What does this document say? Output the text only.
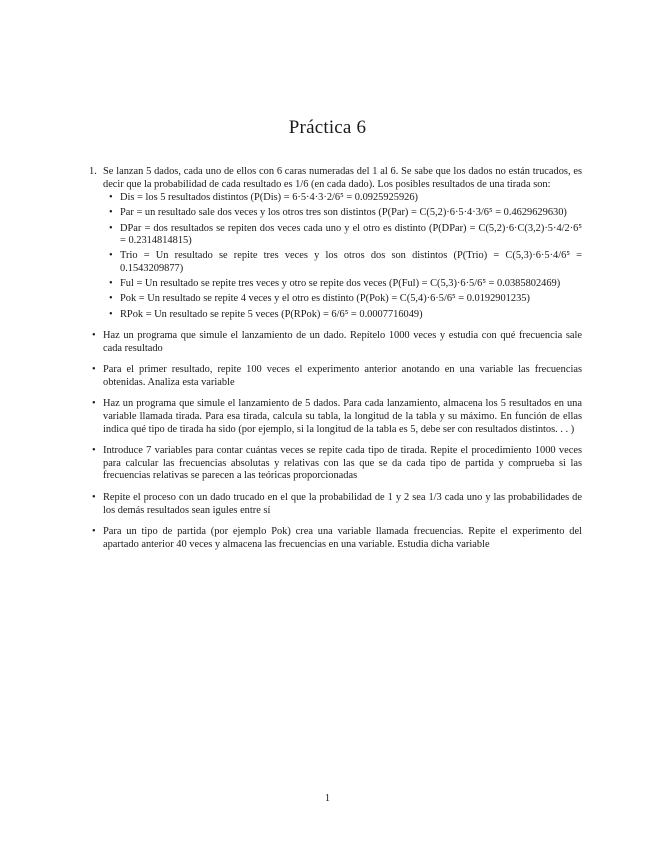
Práctica 6
1. Se lanzan 5 dados, cada uno de ellos con 6 caras numeradas del 1 al 6. Se sabe que los dados no están trucados, es decir que la probabilidad de cada resultado es 1/6 (en cada dado). Los posibles resultados de una tirada son:
• Dis = los 5 resultados distintos (P(Dis) = 6·5·4·3·2/6⁵ = 0.0925925926)
• Par = un resultado sale dos veces y los otros tres son distintos (P(Par) = C(5,2)·6·5·4·3/6⁵ = 0.4629629630)
• DPar = dos resultados se repiten dos veces cada uno y el otro es distinto (P(DPar) = C(5,2)·6·C(3,2)·5·4/2·6⁵ = 0.2314814815)
• Trio = Un resultado se repite tres veces y los otros dos son distintos (P(Trio) = C(5,3)·6·5·4/6⁵ = 0.1543209877)
• Ful = Un resultado se repite tres veces y otro se repite dos veces (P(Ful) = C(5,3)·6·5/6⁵ = 0.0385802469)
• Pok = Un resultado se repite 4 veces y el otro es distinto (P(Pok) = C(5,4)·6·5/6⁵ = 0.0192901235)
• RPok = Un resultado se repite 5 veces (P(RPok) = 6/6⁵ = 0.0007716049)
• Haz un programa que simule el lanzamiento de un dado. Repítelo 1000 veces y estudia con qué frecuencia sale cada resultado
• Para el primer resultado, repite 100 veces el experimento anterior anotando en una variable las frecuencias obtenidas. Analiza esta variable
• Haz un programa que simule el lanzamiento de 5 dados. Para cada lanzamiento, almacena los 5 resultados en una variable llamada tirada. Para esa tirada, calcula su tabla, la longitud de la tabla y su máximo. En función de ellas indica qué tipo de tirada ha sido (por ejemplo, si la longitud de la tabla es 5, debe ser con resultados distintos. . . )
• Introduce 7 variables para contar cuántas veces se repite cada tipo de tirada. Repite el procedimiento 1000 veces para calcular las frecuencias absolutas y relativas con las que se da cada tipo de partida y comprueba si las frecuencias relativas se parecen a las teóricas proporcionadas
• Repite el proceso con un dado trucado en el que la probabilidad de 1 y 2 sea 1/3 cada uno y las probabilidades de los demás resultados sean igules entre sí
• Para un tipo de partida (por ejemplo Pok) crea una variable llamada frecuencias. Repite el experimento del apartado anterior 40 veces y almacena las frecuencias en una variable. Estudia dicha variable
1
